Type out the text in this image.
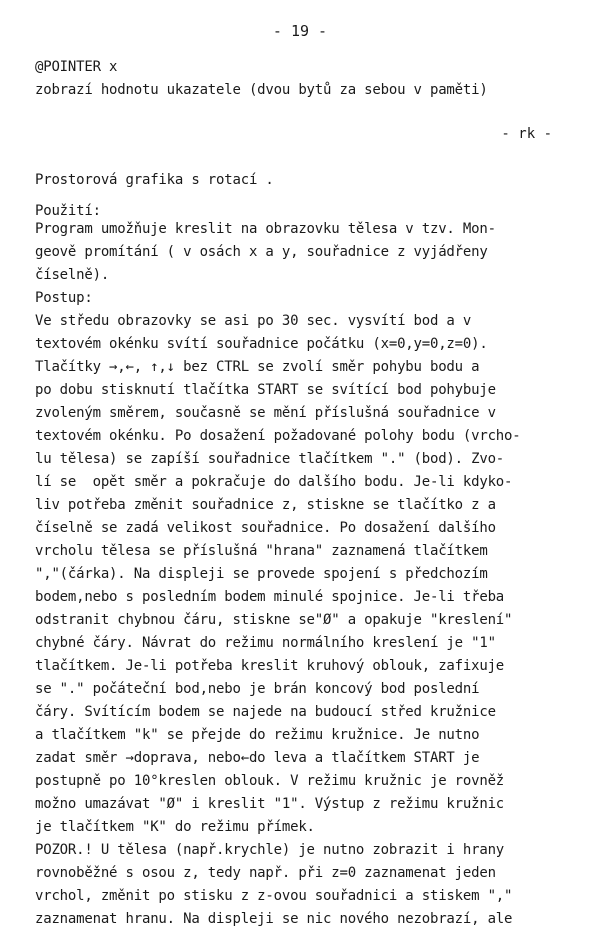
- 19 -
@POINTER x
zobrazí hodnotu ukazatele (dvou bytů za sebou v paměti)
- rk -
Prostorová grafika s rotací .
Použití:
Program umožňuje kreslit na obrazovku tělesa v tzv. Mon-
geově promítání ( v osách x a y, souřadnice z vyjádřeny
číselně).
Postup:
Ve středu obrazovky se asi po 30 sec. vysvítí bod a v
textovém okénku svítí souřadnice počátku (x=0,y=0,z=0).
Tlačítky →,←, ↑,↓ bez CTRL se zvolí směr pohybu bodu a
po dobu stisknutí tlačítka START se svítící bod pohybuje
zvoleným směrem, současně se mění příslušná souřadnice v
textovém okénku. Po dosažení požadované polohy bodu (vrcho-
lu tělesa) se zapíší souřadnice tlačítkem "." (bod). Zvo-
lí se  opět směr a pokračuje do dalšího bodu. Je-li kdyko-
liv potřeba změnit souřadnice z, stiskne se tlačítko z a
číselně se zadá velikost souřadnice. Po dosažení dalšího
vrcholu tělesa se příslušná "hrana" zaznamená tlačítkem
","(čárka). Na displeji se provede spojení s předchozím
bodem,nebo s posledním bodem minulé spojnice. Je-li třeba
odstranit chybnou čáru, stiskne se"Ø" a opakuje "kreslení"
chybné čáry. Návrat do režimu normálního kreslení je "1"
tlačítkem. Je-li potřeba kreslit kruhový oblouk, zafixuje
se "." počáteční bod,nebo je brán koncový bod poslední
čáry. Svítícím bodem se najede na budoucí střed kružnice
a tlačítkem "k" se přejde do režimu kružnice. Je nutno
zadat směr →doprava, nebo←do leva a tlačítkem START je
postupně po 10°kreslen oblouk. V režimu kružnic je rovněž
možno umazávat "Ø" i kreslit "1". Výstup z režimu kružnic
je tlačítkem "K" do režimu přímek.
POZOR.! U tělesa (např.krychle) je nutno zobrazit i hrany
rovnoběžné s osou z, tedy např. při z=0 zaznamenat jeden
vrchol, změnit po stisku z z-ovou souřadnici a stiskem ","
zaznamenat hranu. Na displeji se nic nového nezobrazí, ale
